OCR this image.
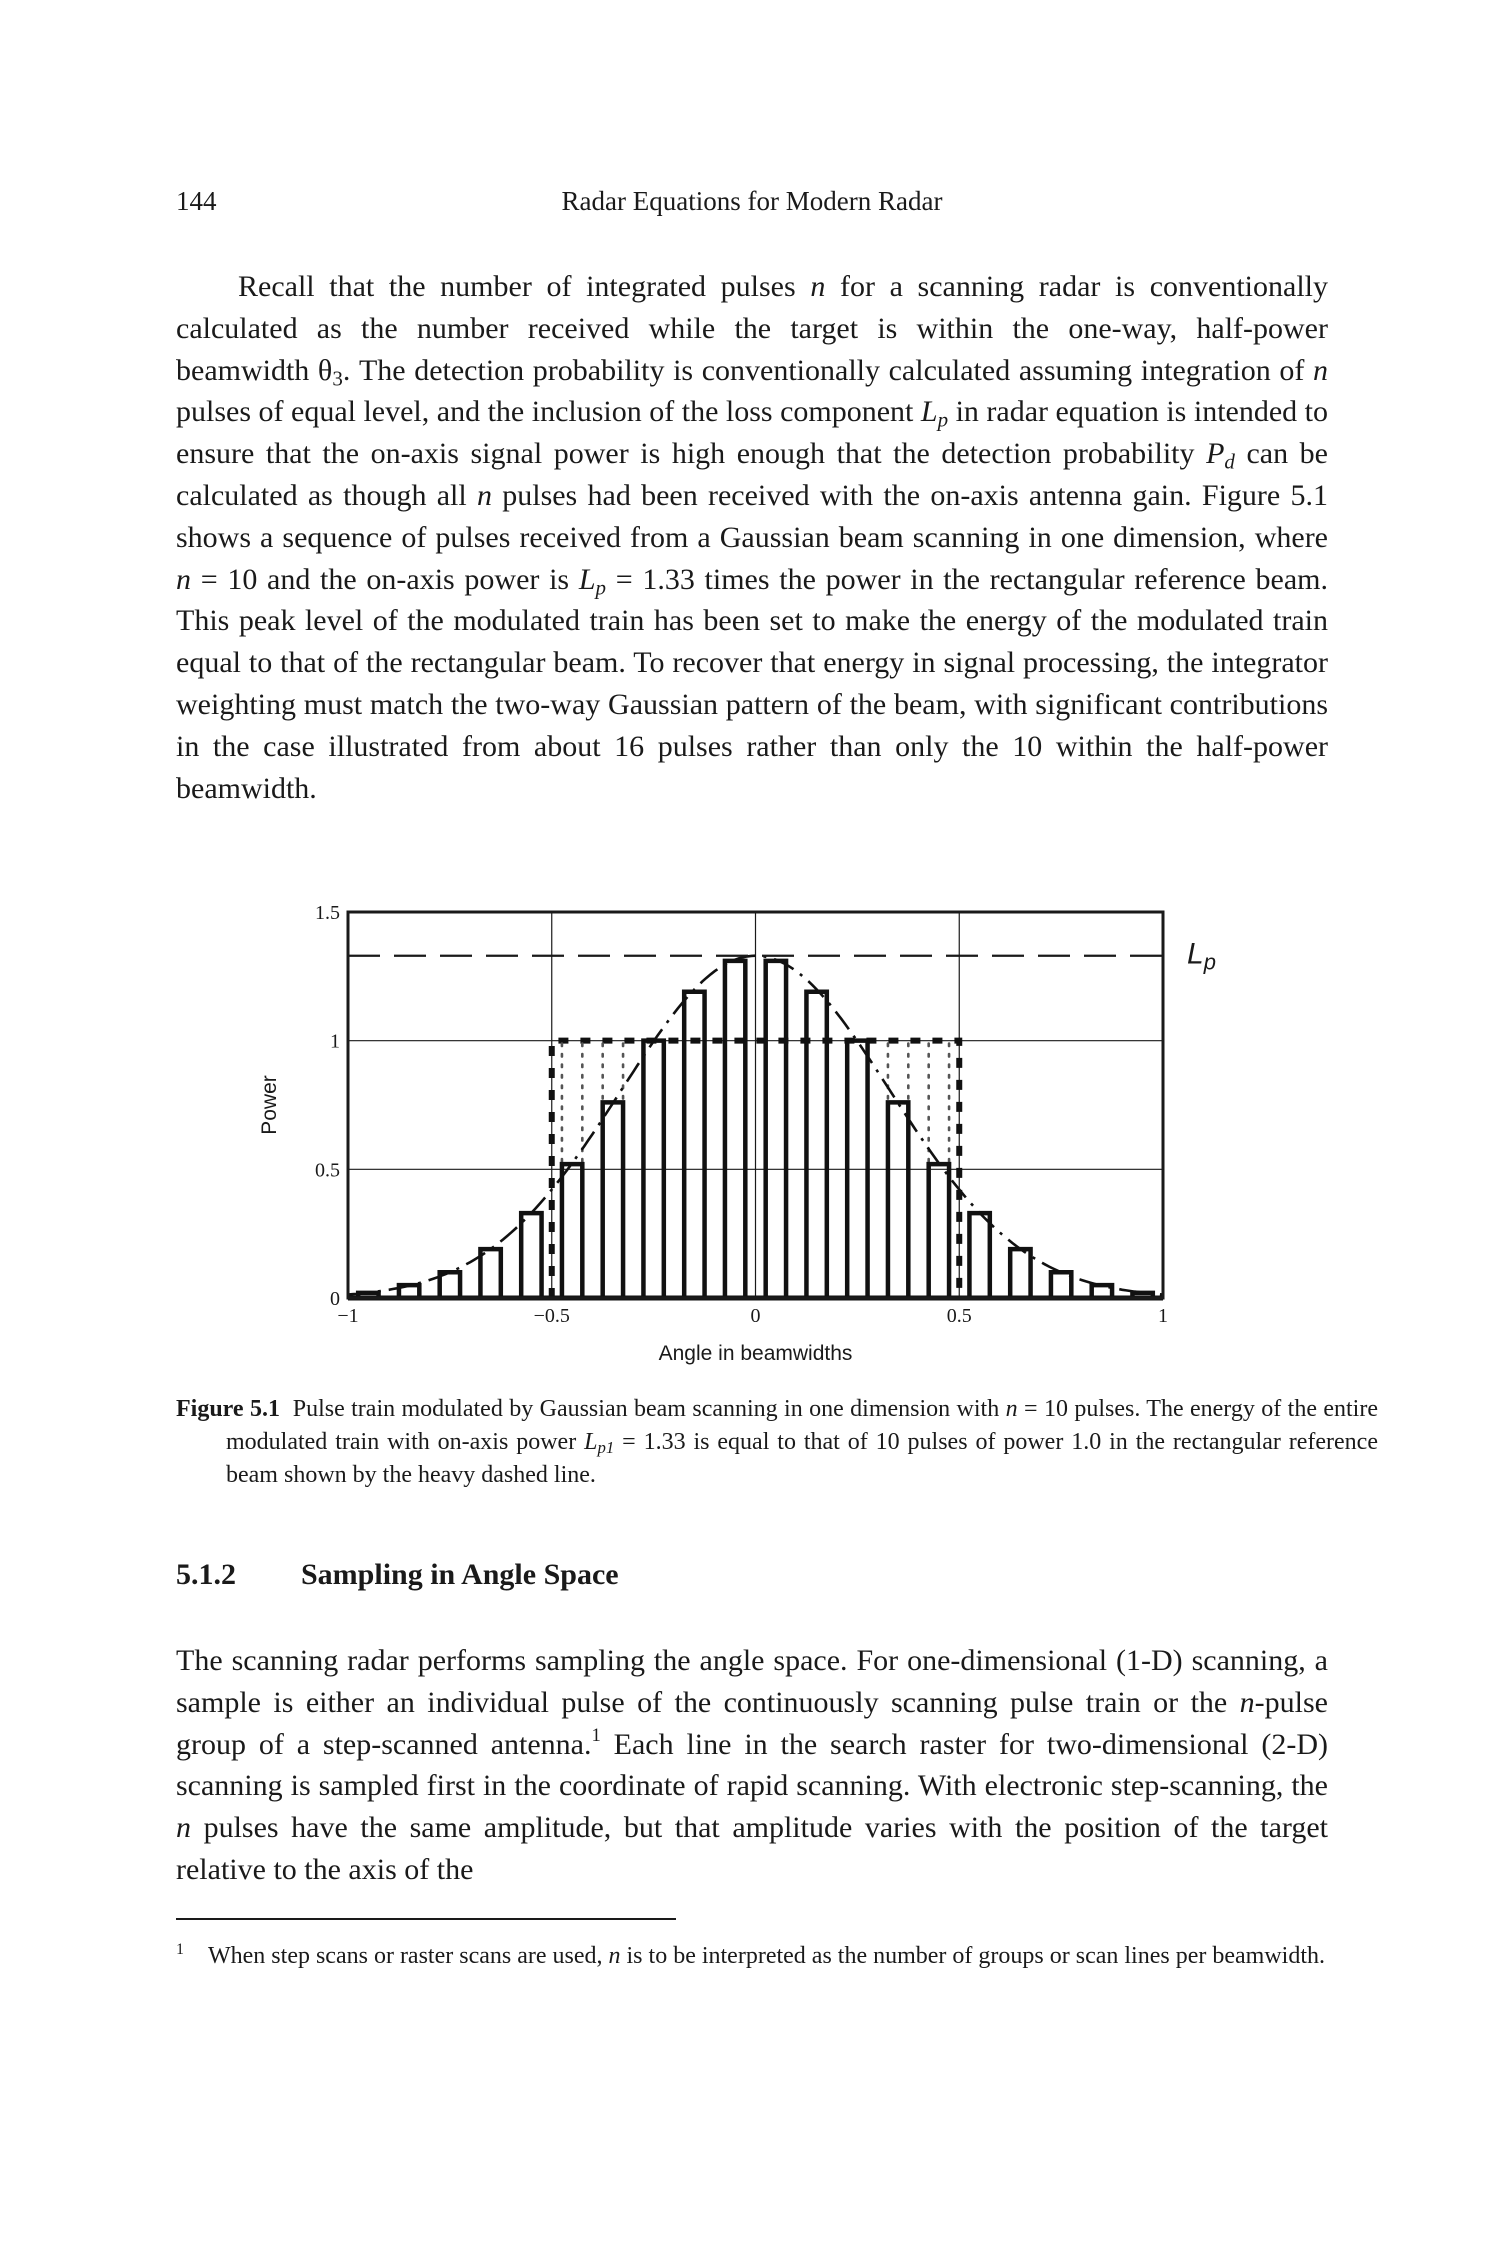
144	Radar Equations for Modern Radar

Recall that the number of integrated pulses n for a scanning radar is conventionally calculated as the number received while the target is within the one-way, half-power beamwidth $\theta_3$. The detection probability is conventionally calculated assuming integration of n pulses of equal level, and the inclusion of the loss component $L_p$ in radar equation is intended to ensure that the on-axis signal power is high enough that the detection probability $P_d$ can be calculated as though all n pulses had been received with the on-axis antenna gain. Figure 5.1 shows a sequence of pulses received from a Gaussian beam scanning in one dimension, where n = 10 and the on-axis power is $L_p = 1.33$ times the power in the rectangular reference beam. This peak level of the modulated train has been set to make the energy of the modulated train equal to that of the rectangular beam. To recover that energy in signal processing, the integrator weighting must match the two-way Gaussian pattern of the beam, with significant contributions in the case illustrated from about 16 pulses rather than only the 10 within the half-power beamwidth.

−1	−0.5	0	0.5	1
0
0.5
1
1.5
Angle in beamwidths
Power
$L_p$

Figure 5.1  Pulse train modulated by Gaussian beam scanning in one dimension with n = 10 pulses. The energy of the entire modulated train with on-axis power $L_{p1} = 1.33$ is equal to that of 10 pulses of power 1.0 in the rectangular reference beam shown by the heavy dashed line.

5.1.2 Sampling in Angle Space

The scanning radar performs sampling the angle space. For one-dimensional (1-D) scanning, a sample is either an individual pulse of the continuously scanning pulse train or the n-pulse group of a step-scanned antenna.$^1$ Each line in the search raster for two-dimensional (2-D) scanning is sampled first in the coordinate of rapid scanning. With electronic step-scanning, the n pulses have the same amplitude, but that amplitude varies with the position of the target relative to the axis of the

1 When step scans or raster scans are used, n is to be interpreted as the number of groups or scan lines per beamwidth.
